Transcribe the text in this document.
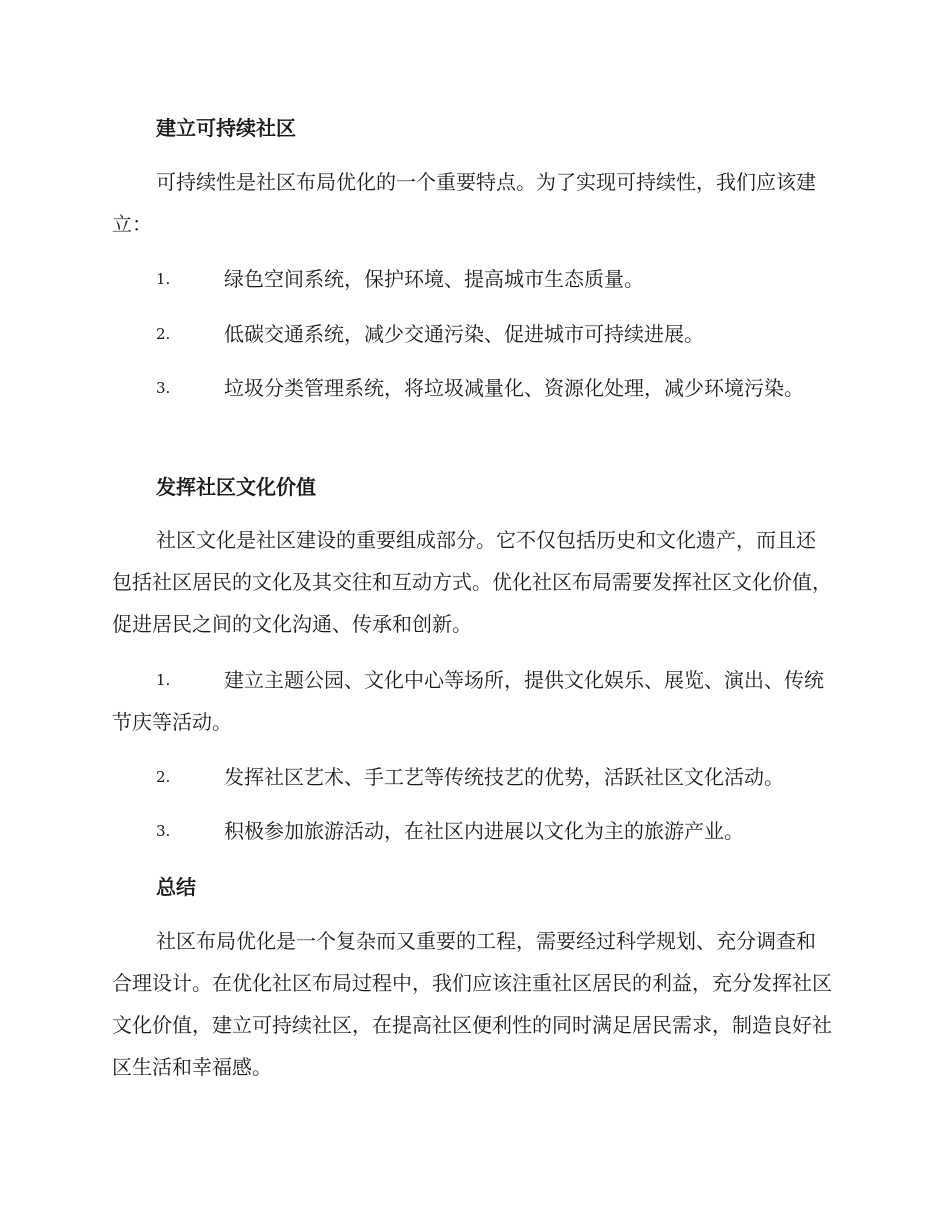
建立可持续社区
可持续性是社区布局优化的一个重要特点。为了实现可持续性，我们应该建立：
1.	绿色空间系统，保护环境、提高城市生态质量。
2.	低碳交通系统，减少交通污染、促进城市可持续进展。
3.	垃圾分类管理系统，将垃圾减量化、资源化处理，减少环境污染。
发挥社区文化价值
社区文化是社区建设的重要组成部分。它不仅包括历史和文化遗产，而且还包括社区居民的文化及其交往和互动方式。优化社区布局需要发挥社区文化价值，促进居民之间的文化沟通、传承和创新。
1.	建立主题公园、文化中心等场所，提供文化娱乐、展览、演出、传统节庆等活动。
2.	发挥社区艺术、手工艺等传统技艺的优势，活跃社区文化活动。
3.	积极参加旅游活动，在社区内进展以文化为主的旅游产业。
总结
社区布局优化是一个复杂而又重要的工程，需要经过科学规划、充分调查和合理设计。在优化社区布局过程中，我们应该注重社区居民的利益，充分发挥社区文化价值，建立可持续社区，在提高社区便利性的同时满足居民需求，制造良好社区生活和幸福感。
